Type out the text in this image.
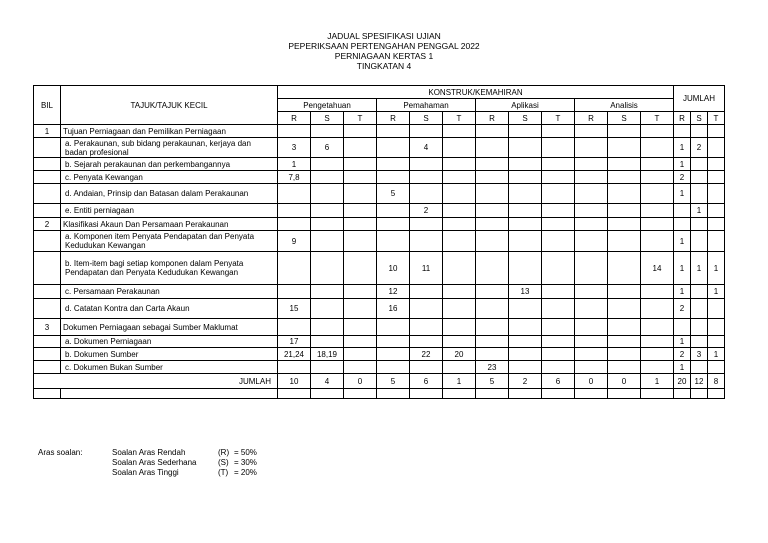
JADUAL SPESIFIKASI UJIAN
PEPERIKSAAN PERTENGAHAN PENGGAL 2022
PERNIAGAAN KERTAS 1
TINGKATAN 4
BIL	TAJUK/TAJUK KECIL	KONSTRUK/KEMAHIRAN												JUMLAH		
		Pengetahuan			Pemahaman			Aplikasi			Analisis					
		R	S	T	R	S	T	R	S	T	R	S	T	R	S	T
1	Tujuan Perniagaan dan Pemilikan Perniagaan															
	a. Perakaunan, sub bidang perakaunan, kerjaya dan badan profesional	3	6			4								1	2	
	b. Sejarah perakaunan dan perkembangannya	1												1		
	c. Penyata Kewangan	7,8												2		
	d. Andaian, Prinsip dan Batasan dalam Perakaunan				5									1		
	e. Entiti perniagaan					2									1	
2	Klasifikasi Akaun Dan Persamaan Perakaunan															
	a. Komponen item Penyata Pendapatan dan Penyata Kedudukan Kewangan	9												1		
	b. Item-item bagi setiap komponen dalam Penyata Pendapatan dan Penyata Kedudukan Kewangan				10	11							14	1	1	1
	c. Persamaan Perakaunan				12				13					1		1
	d. Catatan Kontra dan Carta Akaun	15			16									2		
3	Dokumen Perniagaan sebagai Sumber Maklumat															
	a. Dokumen Perniagaan	17												1		
	b. Dokumen Sumber	21,24	18,19			22	20							2	3	1
	c. Dokumen Bukan Sumber							23						1		
JUMLAH		10	4	0	5	6	1	5	2	6	0	0	1	20	12	8

Aras soalan:	Soalan Aras Rendah	(R) = 50%
Soalan Aras Sederhana	(S) = 30%
Soalan Aras Tinggi	(T) = 20%
